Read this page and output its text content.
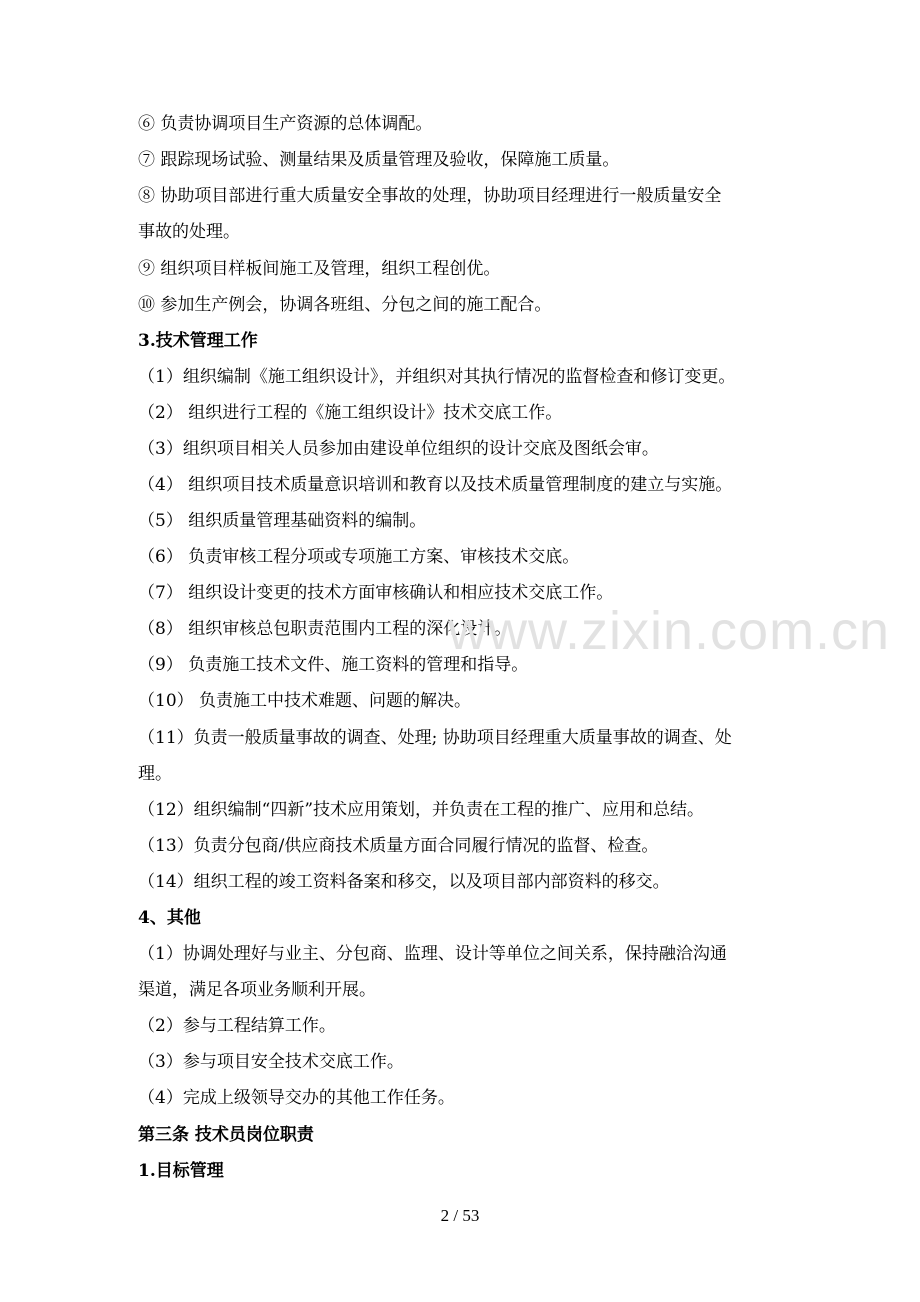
⑥ 负责协调项目生产资源的总体调配。
⑦ 跟踪现场试验、测量结果及质量管理及验收，保障施工质量。
⑧ 协助项目部进行重大质量安全事故的处理，协助项目经理进行一般质量安全
事故的处理。
⑨ 组织项目样板间施工及管理，组织工程创优。
⑩ 参加生产例会，协调各班组、分包之间的施工配合。
3.技术管理工作
（1）组织编制《施工组织设计》，并组织对其执行情况的监督检查和修订变更。
（2） 组织进行工程的《施工组织设计》技术交底工作。
（3）组织项目相关人员参加由建设单位组织的设计交底及图纸会审。
（4） 组织项目技术质量意识培训和教育以及技术质量管理制度的建立与实施。
（5） 组织质量管理基础资料的编制。
（6） 负责审核工程分项或专项施工方案、审核技术交底。
（7） 组织设计变更的技术方面审核确认和相应技术交底工作。
（8） 组织审核总包职责范围内工程的深化设计。
（9） 负责施工技术文件、施工资料的管理和指导。
（10） 负责施工中技术难题、问题的解决。
（11）负责一般质量事故的调查、处理; 协助项目经理重大质量事故的调查、处
理。
（12）组织编制“四新”技术应用策划，并负责在工程的推广、应用和总结。
（13）负责分包商/供应商技术质量方面合同履行情况的监督、检查。
（14）组织工程的竣工资料备案和移交，以及项目部内部资料的移交。
4、其他
（1）协调处理好与业主、分包商、监理、设计等单位之间关系，保持融洽沟通
渠道，满足各项业务顺利开展。
（2）参与工程结算工作。
（3）参与项目安全技术交底工作。
（4）完成上级领导交办的其他工作任务。
第三条 技术员岗位职责
1.目标管理
www.zixin.com.cn
2 / 53
